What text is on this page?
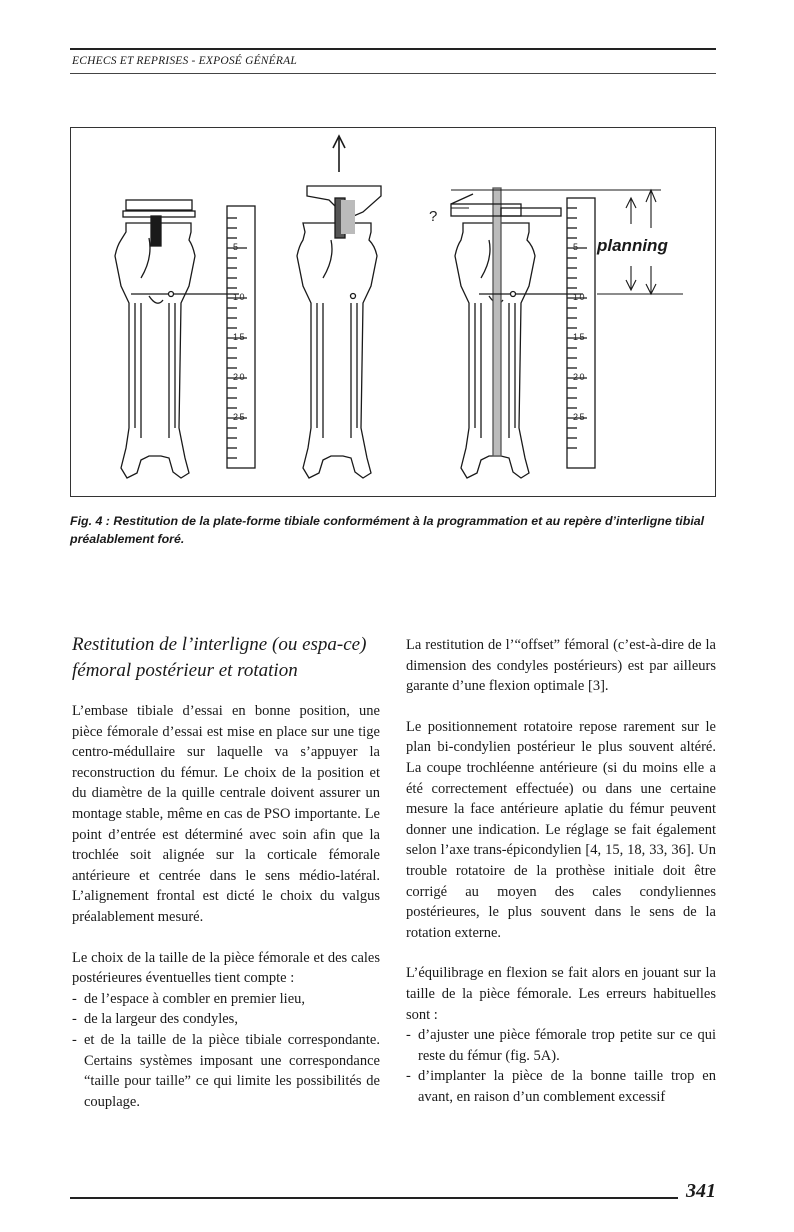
ECHECS ET REPRISES - EXPOSÉ GÉNÉRAL
?
planning
5
10
15
20
25
5
10
15
20
25
Fig. 4 : Restitution de la plate-forme tibiale conformément à la programmation et au repère d’interligne tibial préalablement foré.
Restitution de l’interligne (ou espa-ce) fémoral postérieur et rotation

L’embase tibiale d’essai en bonne position, une pièce fémorale d’essai est mise en place sur une tige centro-médullaire sur laquelle va s’appuyer la reconstruction du fémur. Le choix de la position et du diamètre de la quille centrale doivent assurer un montage stable, même en cas de PSO importante. Le point d’entrée est déterminé avec soin afin que la trochlée soit alignée sur la corticale fémorale antérieure et centrée dans le sens médio-latéral. L’alignement frontal est dicté le choix du valgus préalablement mesuré.

Le choix de la taille de la pièce fémorale et des cales postérieures éventuelles tient compte :

- de l’espace à combler en premier lieu,
- de la largeur des condyles,
- et de la taille de la pièce tibiale correspondante. Certains systèmes imposant une correspondance “taille pour taille” ce qui limite les possibilités de couplage.

La restitution de l’“offset” fémoral (c’est-à-dire de la dimension des condyles postérieurs) est par ailleurs garante d’une flexion optimale [3].

Le positionnement rotatoire repose rarement sur le plan bi-condylien postérieur le plus souvent altéré. La coupe trochléenne antérieure (si du moins elle a été correctement effectuée) ou dans une certaine mesure la face antérieure aplatie du fémur peuvent donner une indication. Le réglage se fait également selon l’axe trans-épicondylien [4, 15, 18, 33, 36]. Un trouble rotatoire de la prothèse initiale doit être corrigé au moyen des cales condyliennes postérieures, le plus souvent dans le sens de la rotation externe.

L’équilibrage en flexion se fait alors en jouant sur la taille de la pièce fémorale. Les erreurs habituelles sont :

- d’ajuster une pièce fémorale trop petite sur ce qui reste du fémur (fig. 5A).
- d’implanter la pièce de la bonne taille trop en avant, en raison d’un comblement excessif
341
